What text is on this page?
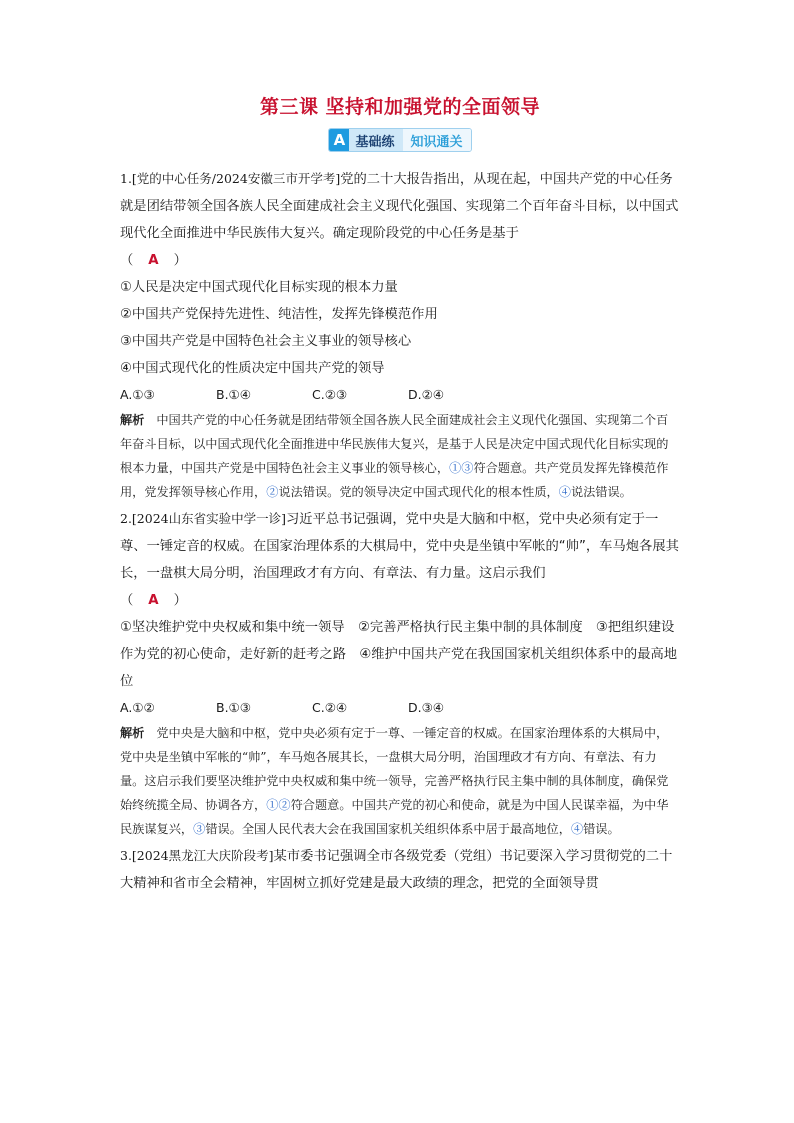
第三课 坚持和加强党的全面领导
A 基础练	知识通关

1.[党的中心任务/2024安徽三市开学考]党的二十大报告指出，从现在起，中国共产党的中心任务就是团结带领全国各族人民全面建成社会主义现代化强国、实现第二个百年奋斗目标，以中国式现代化全面推进中华民族伟大复兴。确定现阶段党的中心任务是基于

（ A ）

①人民是决定中国式现代化目标实现的根本力量

②中国共产党保持先进性、纯洁性，发挥先锋模范作用

③中国共产党是中国特色社会主义事业的领导核心

④中国式现代化的性质决定中国共产党的领导

A.①③	B.①④	C.②③	D.②④

解析 中国共产党的中心任务就是团结带领全国各族人民全面建成社会主义现代化强国、实现第二个百年奋斗目标，以中国式现代化全面推进中华民族伟大复兴，是基于人民是决定中国式现代化目标实现的根本力量，中国共产党是中国特色社会主义事业的领导核心，①③符合题意。共产党员发挥先锋模范作用，党发挥领导核心作用，②说法错误。党的领导决定中国式现代化的根本性质，④说法错误。

2.[2024山东省实验中学一诊]习近平总书记强调，党中央是大脑和中枢，党中央必须有定于一尊、一锤定音的权威。在国家治理体系的大棋局中，党中央是坐镇中军帐的“帅”，车马炮各展其长，一盘棋大局分明，治国理政才有方向、有章法、有力量。这启示我们

（ A ）

①坚决维护党中央权威和集中统一领导　②完善严格执行民主集中制的具体制度　③把组织建设作为党的初心使命，走好新的赶考之路　④维护中国共产党在我国国家机关组织体系中的最高地位

A.①②	B.①③	C.②④	D.③④

解析 党中央是大脑和中枢，党中央必须有定于一尊、一锤定音的权威。在国家治理体系的大棋局中，党中央是坐镇中军帐的“帅”，车马炮各展其长，一盘棋大局分明，治国理政才有方向、有章法、有力量。这启示我们要坚决维护党中央权威和集中统一领导，完善严格执行民主集中制的具体制度，确保党始终统揽全局、协调各方，①②符合题意。中国共产党的初心和使命，就是为中国人民谋幸福，为中华民族谋复兴，③错误。全国人民代表大会在我国国家机关组织体系中居于最高地位，④错误。

3.[2024黑龙江大庆阶段考]某市委书记强调全市各级党委（党组）书记要深入学习贯彻党的二十大精神和省市全会精神，牢固树立抓好党建是最大政绩的理念，把党的全面领导贯
